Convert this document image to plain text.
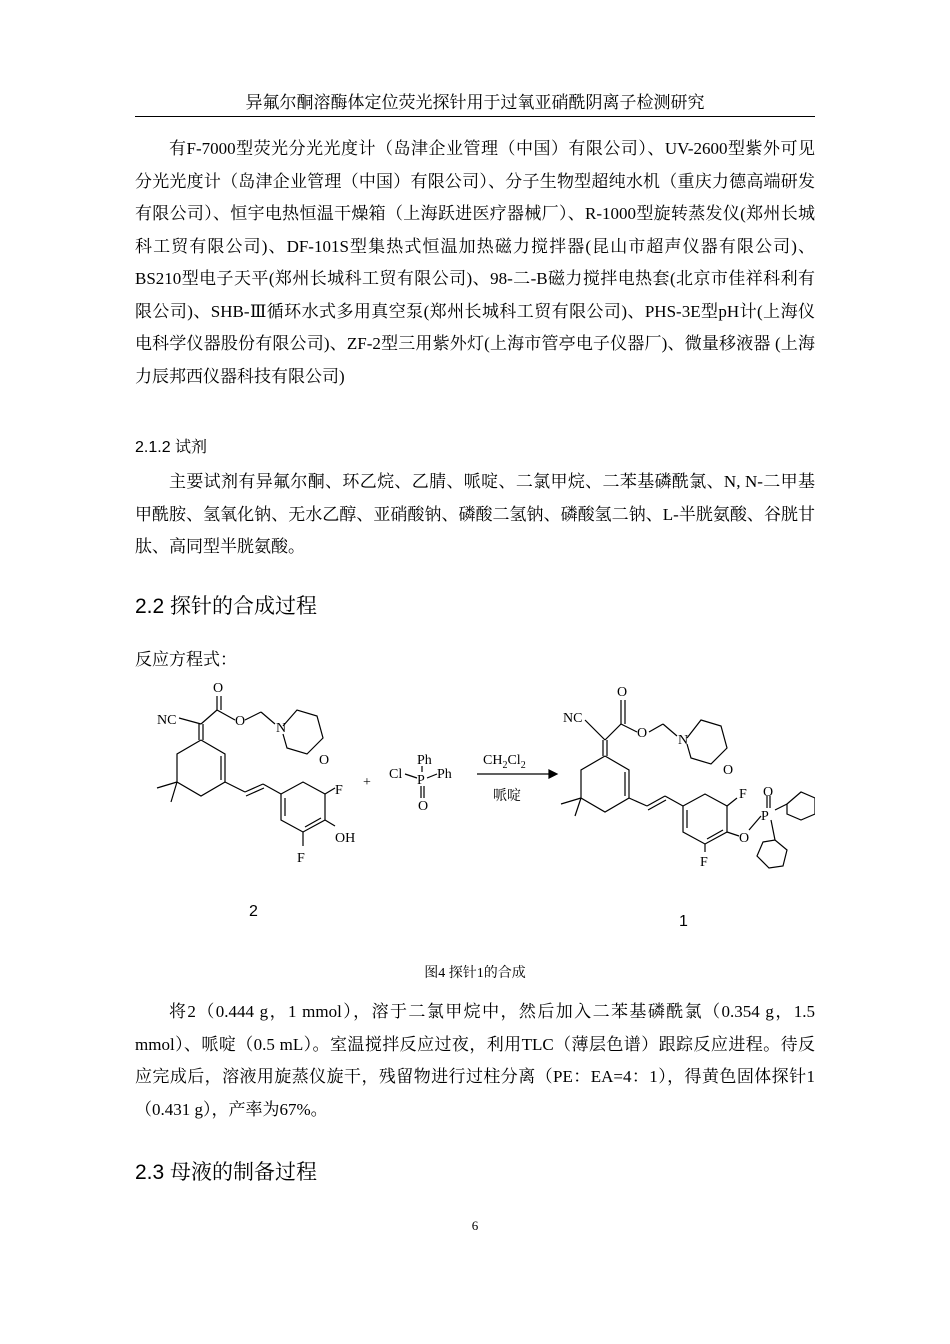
异氟尔酮溶酶体定位荧光探针用于过氧亚硝酰阴离子检测研究

有F-7000型荧光分光光度计（岛津企业管理（中国）有限公司）、UV-2600型紫外可见分光光度计（岛津企业管理（中国）有限公司）、分子生物型超纯水机（重庆力德高端研发有限公司）、恒宇电热恒温干燥箱（上海跃进医疗器械厂）、R-1000型旋转蒸发仪(郑州长城科工贸有限公司)、DF-101S型集热式恒温加热磁力搅拌器(昆山市超声仪器有限公司)、BS210型电子天平(郑州长城科工贸有限公司)、98-二-B磁力搅拌电热套(北京市佳祥科利有限公司)、SHB-Ⅲ循环水式多用真空泵(郑州长城科工贸有限公司)、PHS-3E型pH计(上海仪电科学仪器股份有限公司)、ZF-2型三用紫外灯(上海市管亭电子仪器厂)、微量移液器 (上海力辰邦西仪器科技有限公司)

2.1.2 试剂

主要试剂有异氟尔酮、环乙烷、乙腈、哌啶、二氯甲烷、二苯基磷酰氯、N, N-二甲基甲酰胺、氢氧化钠、无水乙醇、亚硝酸钠、磷酸二氢钠、磷酸氢二钠、L-半胱氨酸、谷胱甘肽、高同型半胱氨酸。

2.2 探针的合成过程
反应方程式：
NC
O
O N
O
F
OH
F
2
+
Ph
Cl P Ph
O
$CH_2Cl_2$
哌啶
NC
O
O N
O
F
O
O
P
F
1
图4 探针1的合成

将2（0.444 g，1 mmol），溶于二氯甲烷中，然后加入二苯基磷酰氯（0.354 g，1.5 mmol）、哌啶（0.5 mL）。室温搅拌反应过夜，利用TLC（薄层色谱）跟踪反应进程。待反应完成后，溶液用旋蒸仪旋干，残留物进行过柱分离（PE：EA=4：1），得黄色固体探针1（0.431 g），产率为67%。

2.3 母液的制备过程
6
